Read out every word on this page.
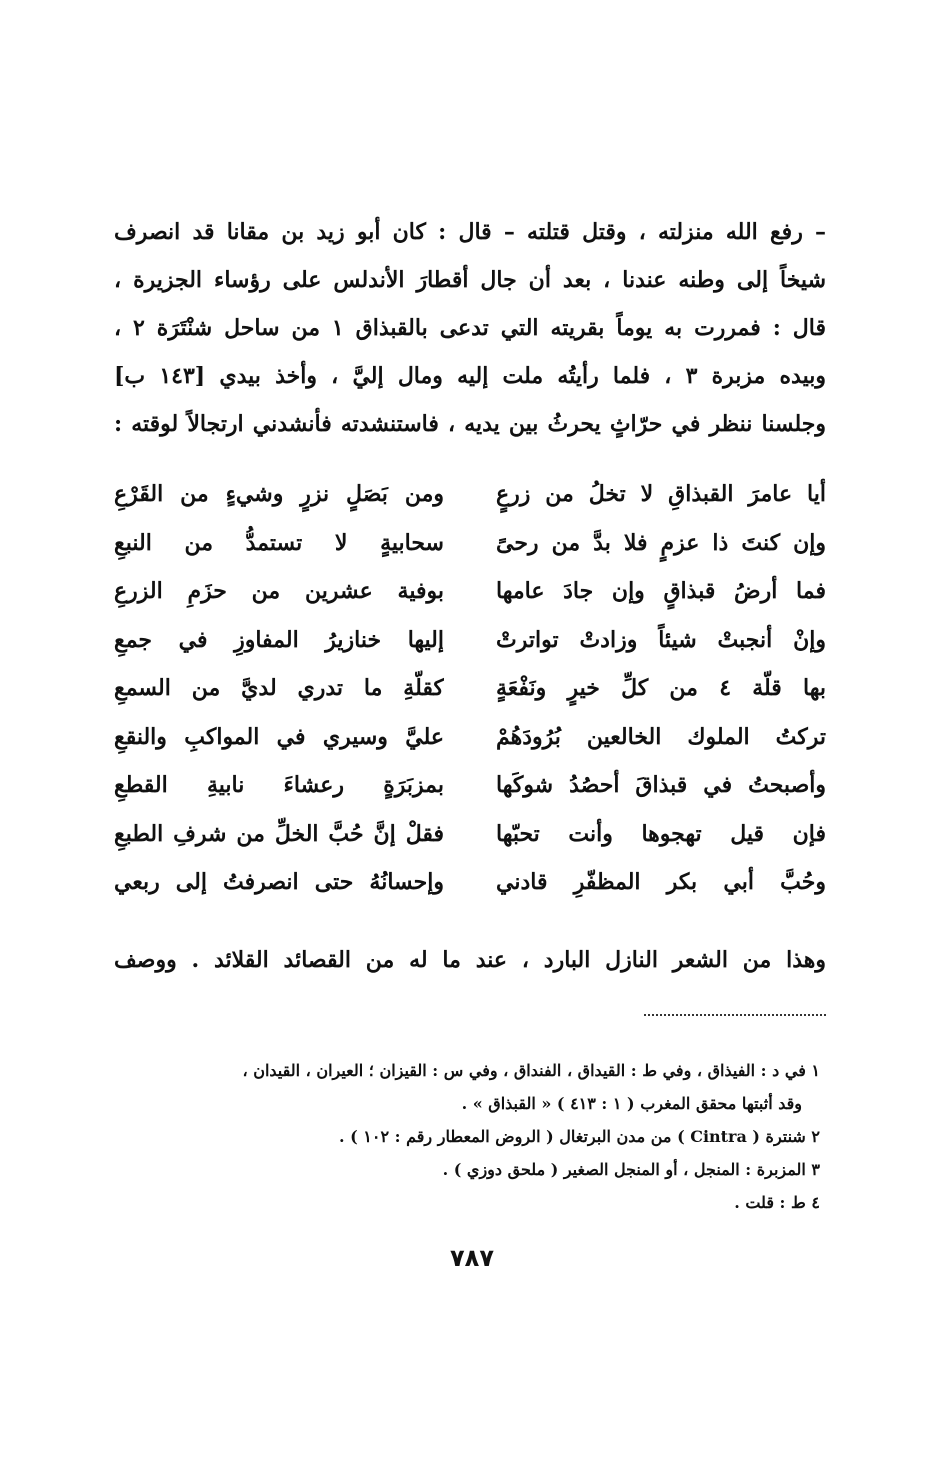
– رفع الله منزلته ، وقتل قتلته – قال : كان أبو زيد بن مقانا قد انصرف
شيخاً إلى وطنه عندنا ، بعد أن جال أقطارَ الأندلس على رؤساء الجزيرة ،
قال : فمررت به يوماً بقريته التي تدعى بالقبذاق ١ من ساحل شنْتَرَة ٢ ،
وبيده مزبرة ٣ ، فلما رأيتُه ملت إليه ومال إليَّ ، وأخذ بيدي [١٤٣ ب]
وجلسنا ننظر في حرّاثٍ يحرثُ بين يديه ، فاستنشدته فأنشدني ارتجالاً لوقته :
أيا عامرَ القبذاقِ لا تخلُ من زرعٍ
ومن بَصَلٍ نزرٍ وشيءٍ من القَرْعِ
وإن كنتَ ذا عزمٍ فلا بدَّ من رحىً
سحابيةٍ لا تستمدُّ من النبعِ
فما أرضُ قبذاقٍ وإن جادَ عامها
بوفية عشرين من حزَمِ الزرعِ
وإنْ أنجبتْ شيئاً وزادتْ تواترتْ
إليها خنازيرُ المفاوزِ في جمعِ
بها قلّة ٤ من كلِّ خيرٍ ونَفْعَةٍ
كقلّةِ ما تدري لديَّ من السمعِ
تركتُ الملوك الخالعين بُرُودَهُمْ
عليَّ وسيري في المواكبِ والنقعِ
وأصبحتُ في قبذاقَ أحصُدُ شوكَها
بمزبَرَةٍ رعشاءَ نابيةِ القطعِ
فإن قيل تهجوها وأنت تحبّها
فقلْ إنَّ حُبَّ الخلِّ من شرفِ الطبعِ
وحُبَّ أبي بكر المظفّرِ قادني
وإحسانُهُ حتى انصرفتُ إلى ربعي
وهذا من الشعر النازل البارد ، عند ما له من القصائد القلائد . ووصف
١ في د : الفيذاق ، وفي ط : القيداق ، الفنداق ، وفي س : القيزان ؛ العيران ، القيدان ،
وقد أثبتها محقق المغرب ( ١ : ٤١٣ ) « القبذاق » .
٢ شنترة ( Cintra ) من مدن البرتغال ( الروض المعطار رقم : ١٠٢ ) .
٣ المزبرة : المنجل ، أو المنجل الصغير ( ملحق دوزي ) .
٤ ط : قلت .
٧٨٧
